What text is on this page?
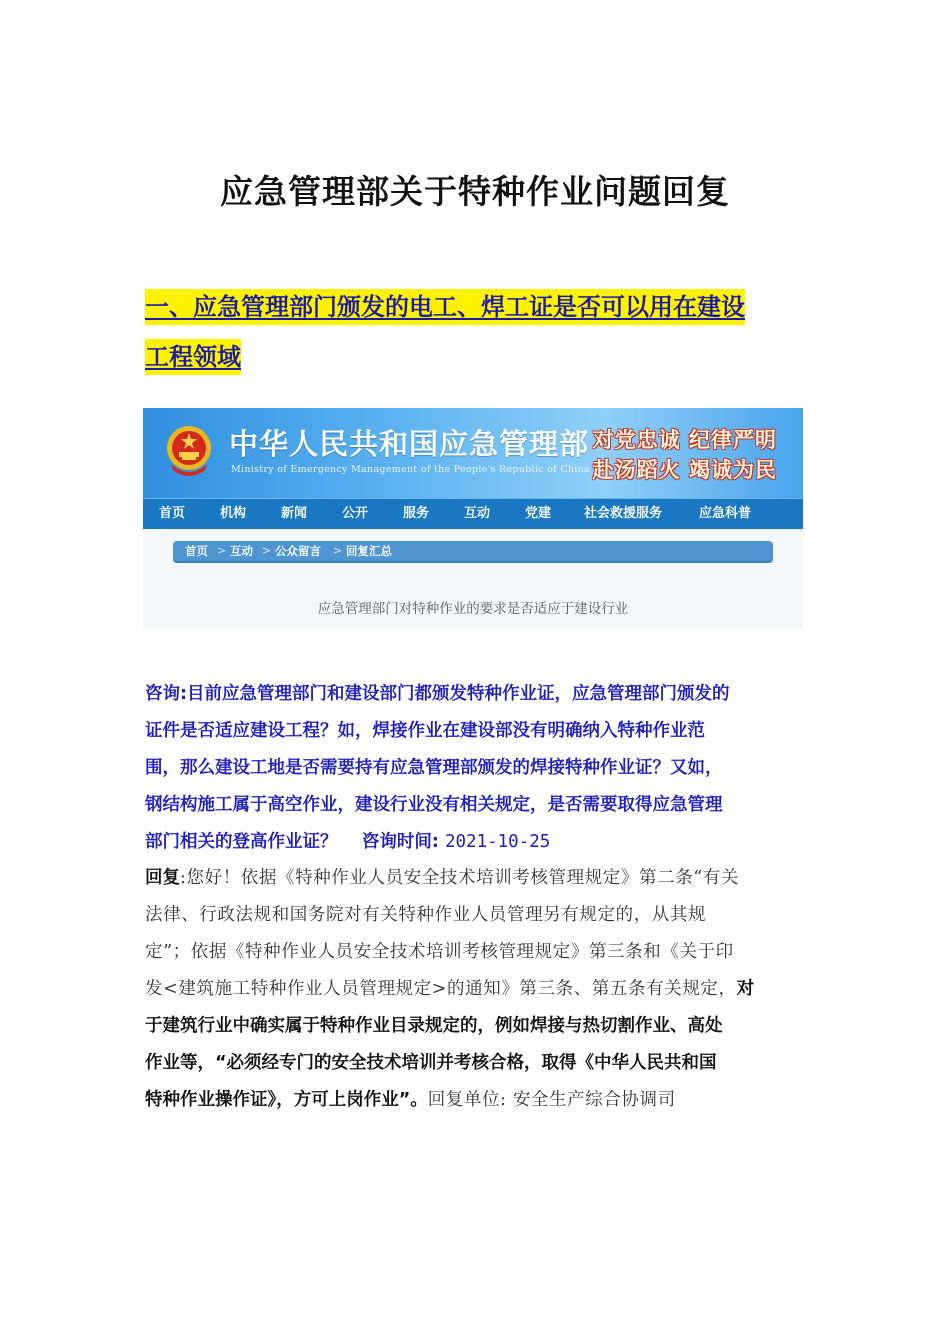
应急管理部关于特种作业问题回复
一、应急管理部门颁发的电工、焊工证是否可以用在建设
工程领域
中华人民共和国应急管理部
Ministry of Emergency Management of the People's Republic of China
对党忠诚 纪律严明
赴汤蹈火 竭诚为民
首页	机构	新闻	公开	服务	互动	党建	社会救援服务	应急科普
首页 > 互动 > 公众留言 > 回复汇总
应急管理部门对特种作业的要求是否适应于建设行业
咨询:目前应急管理部门和建设部门都颁发特种作业证，应急管理部门颁发的
证件是否适应建设工程？如，焊接作业在建设部没有明确纳入特种作业范
围，那么建设工地是否需要持有应急管理部颁发的焊接特种作业证？又如，
钢结构施工属于高空作业，建设行业没有相关规定，是否需要取得应急管理
部门相关的登高作业证？ 咨询时间: 2021-10-25
回复:您好！依据《特种作业人员安全技术培训考核管理规定》第二条“有关
法律、行政法规和国务院对有关特种作业人员管理另有规定的，从其规
定”；依据《特种作业人员安全技术培训考核管理规定》第三条和《关于印
发<建筑施工特种作业人员管理规定>的通知》第三条、第五条有关规定，对
于建筑行业中确实属于特种作业目录规定的，例如焊接与热切割作业、高处
作业等，“必须经专门的安全技术培训并考核合格，取得《中华人民共和国
特种作业操作证》，方可上岗作业”。回复单位: 安全生产综合协调司
